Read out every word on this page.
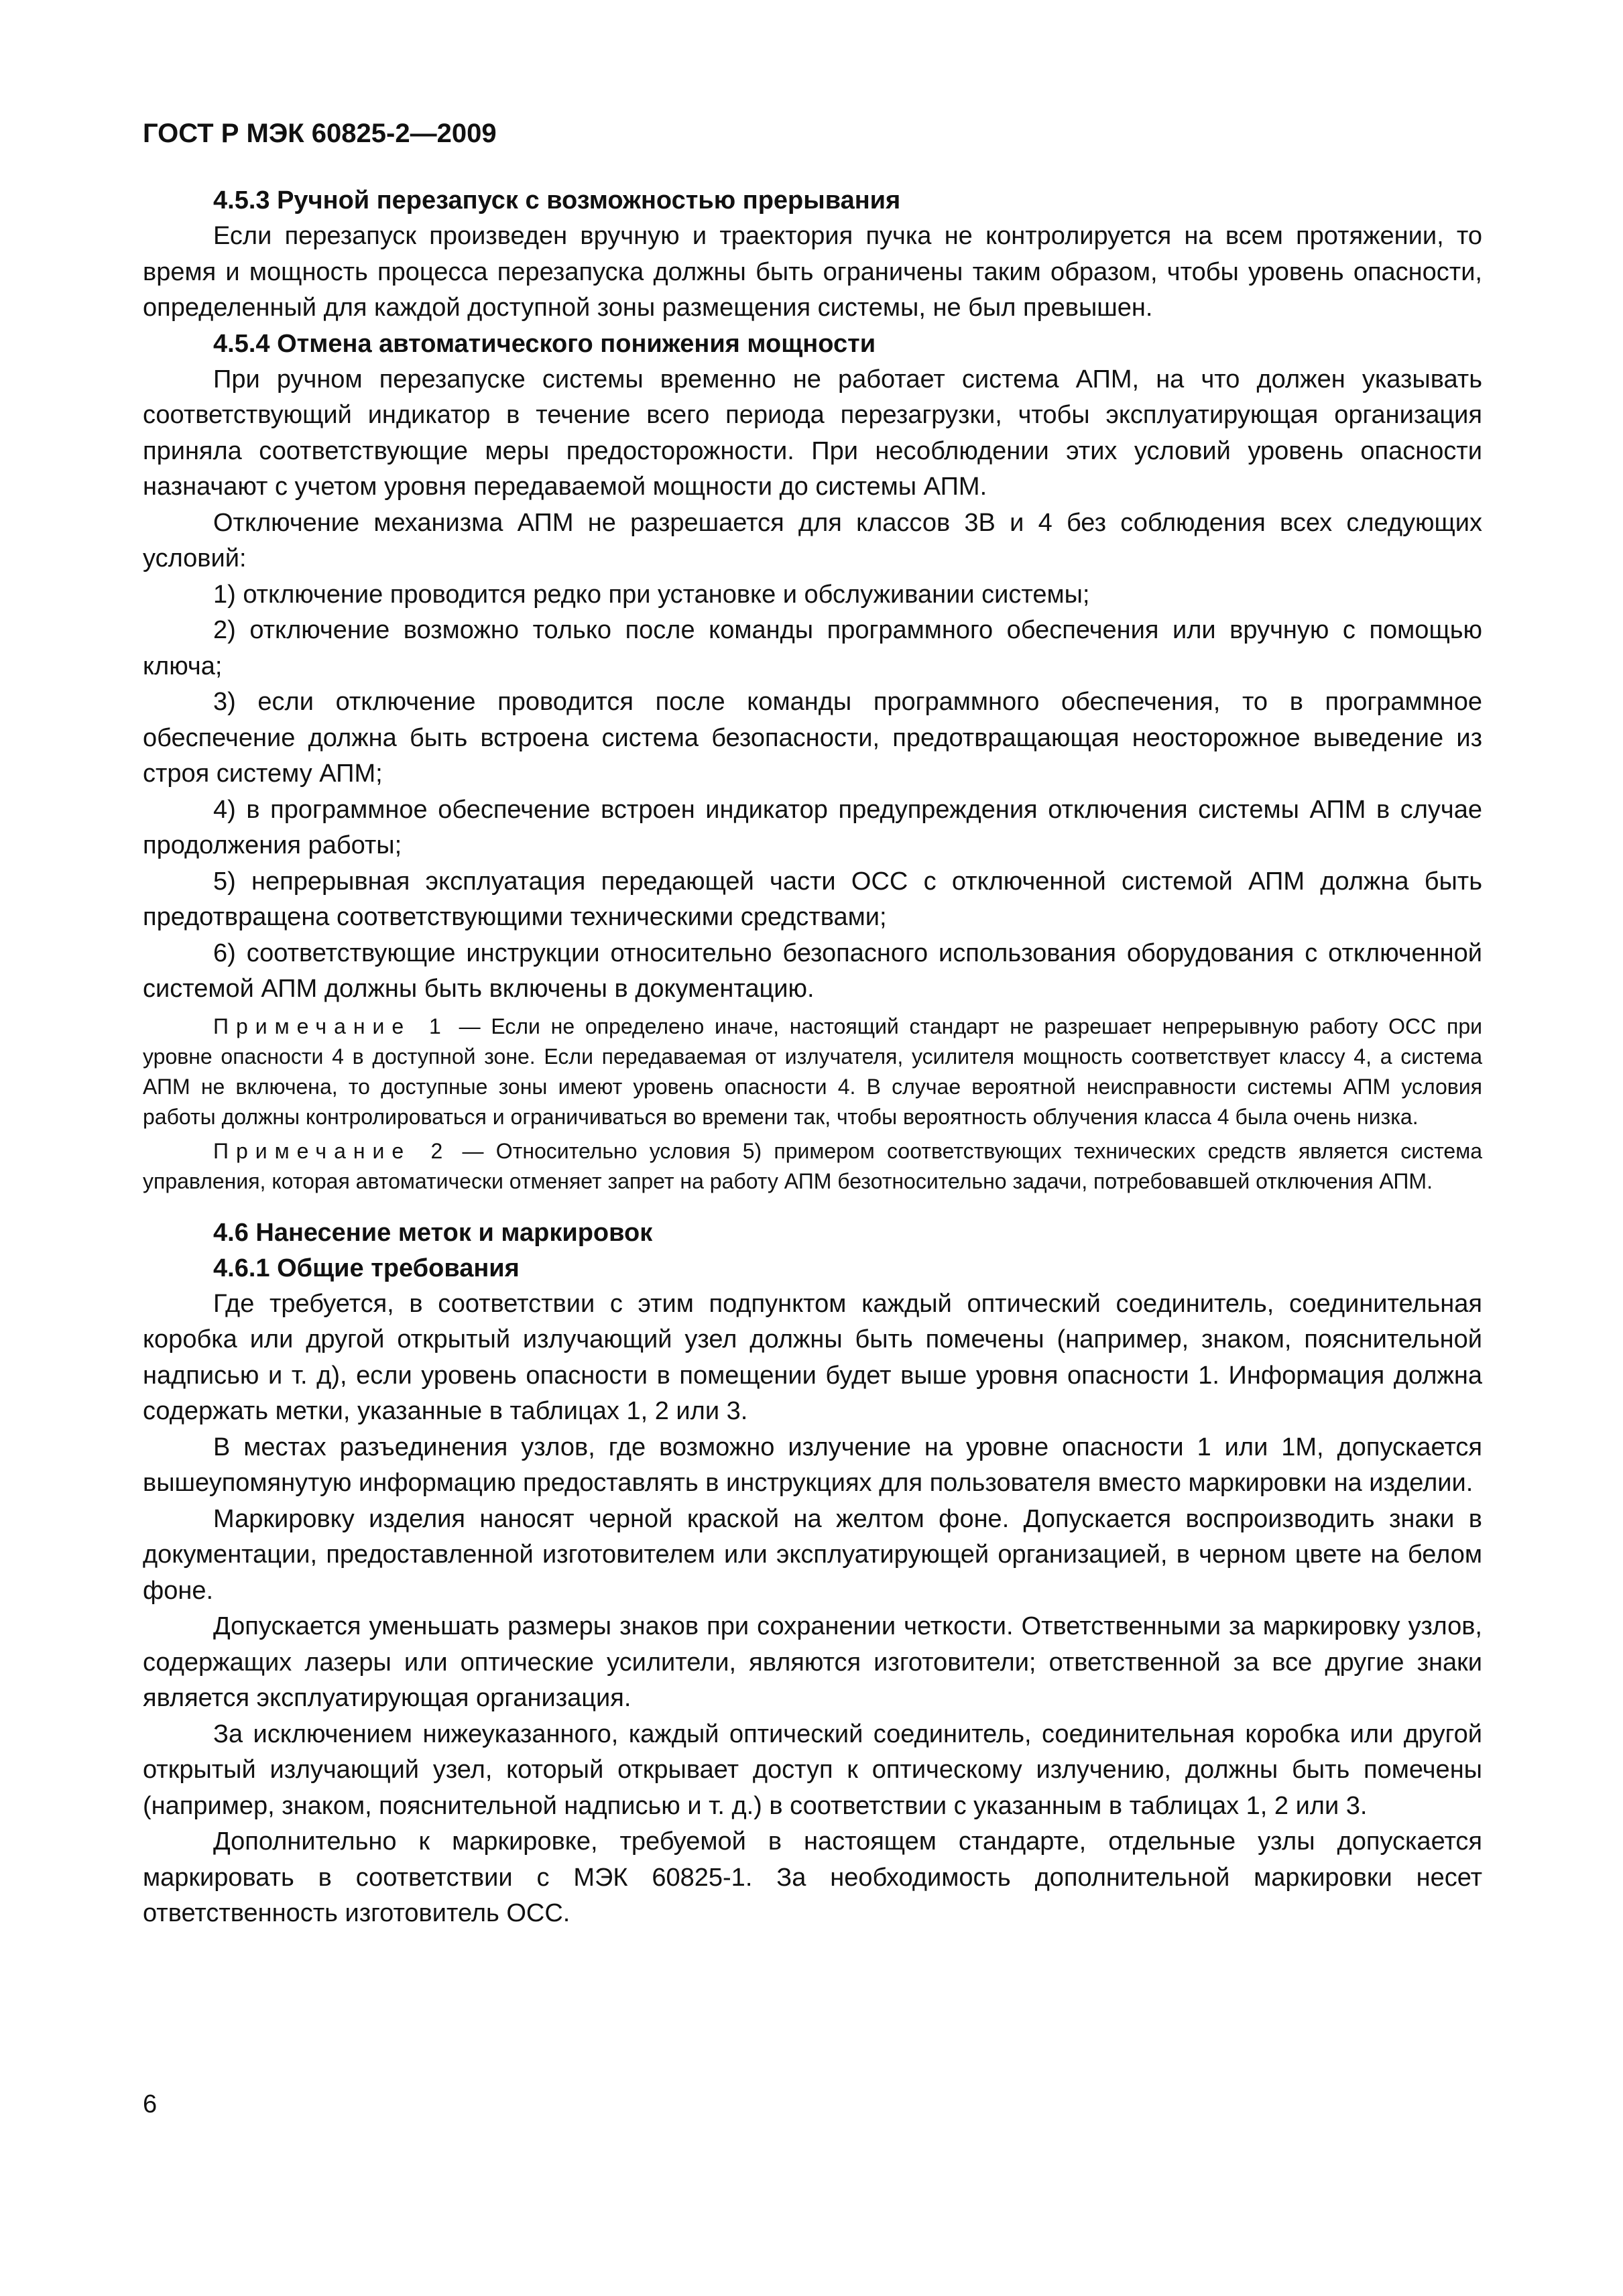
ГОСТ Р МЭК 60825-2—2009
4.5.3 Ручной перезапуск с возможностью прерывания

Если перезапуск произведен вручную и траектория пучка не контролируется на всем протяжении, то время и мощность процесса перезапуска должны быть ограничены таким образом, чтобы уровень опасности, определенный для каждой доступной зоны размещения системы, не был превышен.

4.5.4 Отмена автоматического понижения мощности

При ручном перезапуске системы временно не работает система АПМ, на что должен указывать соответствующий индикатор в течение всего периода перезагрузки, чтобы эксплуатирующая организация приняла соответствующие меры предосторожности. При несоблюдении этих условий уровень опасности назначают с учетом уровня передаваемой мощности до системы АПМ.

Отключение механизма АПМ не разрешается для классов 3В и 4 без соблюдения всех следующих условий:

1) отключение проводится редко при установке и обслуживании системы;

2) отключение возможно только после команды программного обеспечения или вручную с помощью ключа;

3) если отключение проводится после команды программного обеспечения, то в программное обеспечение должна быть встроена система безопасности, предотвращающая неосторожное выведение из строя систему АПМ;

4) в программное обеспечение встроен индикатор предупреждения отключения системы АПМ в случае продолжения работы;

5) непрерывная эксплуатация передающей части ОСС с отключенной системой АПМ должна быть предотвращена соответствующими техническими средствами;

6) соответствующие инструкции относительно безопасного использования оборудования с отключенной системой АПМ должны быть включены в документацию.

Примечание 1 — Если не определено иначе, настоящий стандарт не разрешает непрерывную работу ОСС при уровне опасности 4 в доступной зоне. Если передаваемая от излучателя, усилителя мощность соответствует классу 4, а система АПМ не включена, то доступные зоны имеют уровень опасности 4. В случае вероятной неисправности системы АПМ условия работы должны контролироваться и ограничиваться во времени так, чтобы вероятность облучения класса 4 была очень низка.

Примечание 2 — Относительно условия 5) примером соответствующих технических средств является система управления, которая автоматически отменяет запрет на работу АПМ безотносительно задачи, потребовавшей отключения АПМ.

4.6 Нанесение меток и маркировок
4.6.1 Общие требования

Где требуется, в соответствии с этим подпунктом каждый оптический соединитель, соединительная коробка или другой открытый излучающий узел должны быть помечены (например, знаком, пояснительной надписью и т. д), если уровень опасности в помещении будет выше уровня опасности 1. Информация должна содержать метки, указанные в таблицах 1, 2 или 3.

В местах разъединения узлов, где возможно излучение на уровне опасности 1 или 1М, допускается вышеупомянутую информацию предоставлять в инструкциях для пользователя вместо маркировки на изделии.

Маркировку изделия наносят черной краской на желтом фоне. Допускается воспроизводить знаки в документации, предоставленной изготовителем или эксплуатирующей организацией, в черном цвете на белом фоне.

Допускается уменьшать размеры знаков при сохранении четкости. Ответственными за маркировку узлов, содержащих лазеры или оптические усилители, являются изготовители; ответственной за все другие знаки является эксплуатирующая организация.

За исключением нижеуказанного, каждый оптический соединитель, соединительная коробка или другой открытый излучающий узел, который открывает доступ к оптическому излучению, должны быть помечены (например, знаком, пояснительной надписью и т. д.) в соответствии с указанным в таблицах 1, 2 или 3.

Дополнительно к маркировке, требуемой в настоящем стандарте, отдельные узлы допускается маркировать в соответствии с МЭК 60825-1. За необходимость дополнительной маркировки несет ответственность изготовитель ОСС.

6
